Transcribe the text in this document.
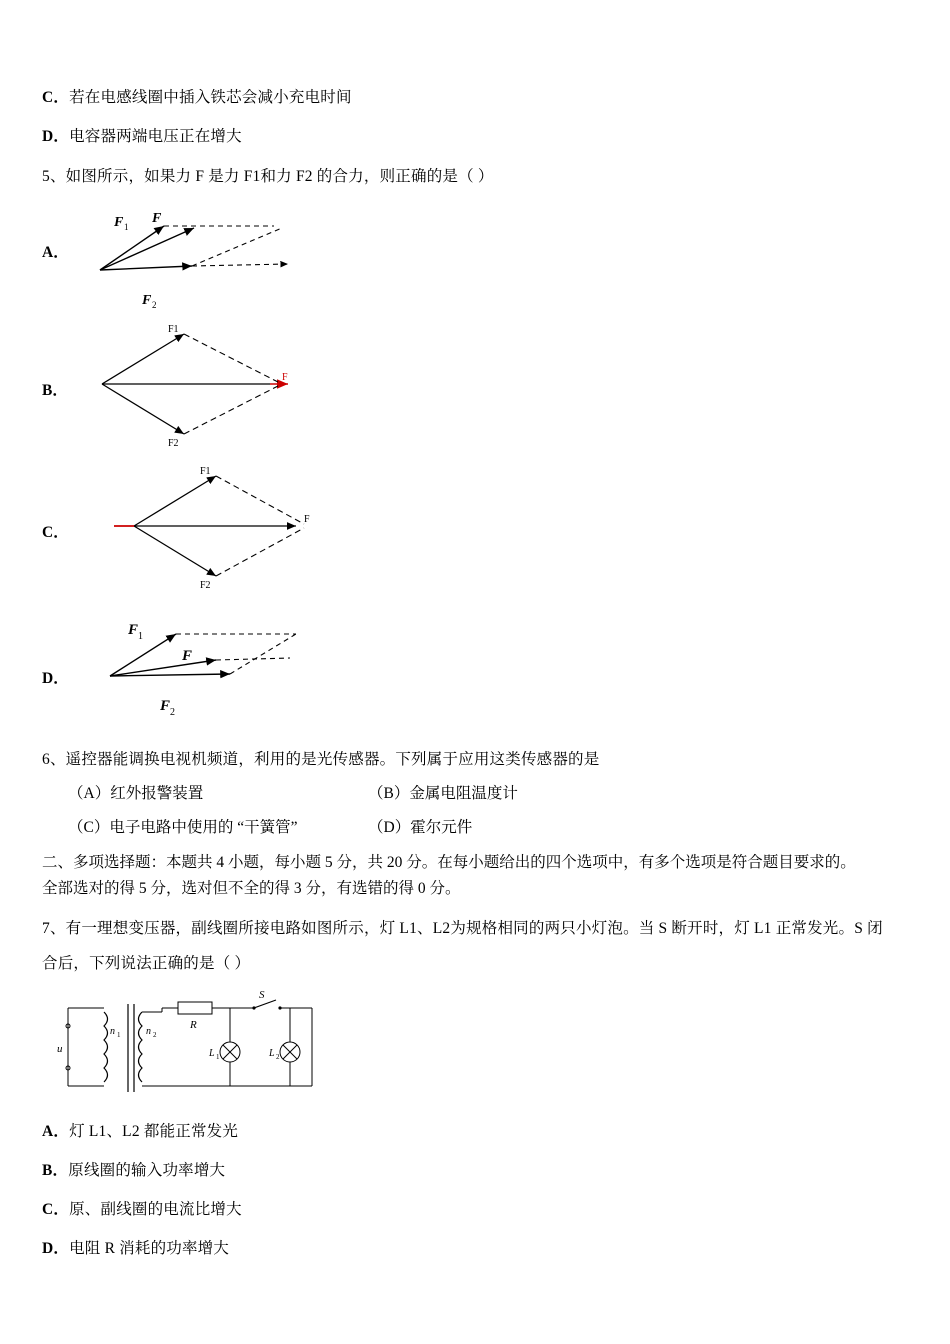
C．若在电感线圈中插入铁芯会减小充电时间
D．电容器两端电压正在增大
5、如图所示，如果力 F 是力 F1和力 F2 的合力，则正确的是（ ）
A．
F 1
F
F 2
B．
F1
F2
F
C．
F1
F2
F
D．
F 1
F
F 2
6、遥控器能调换电视机频道，利用的是光传感器。下列属于应用这类传感器的是
（A）红外报警装置	（B）金属电阻温度计
（C）电子电路中使用的 “干簧管”	（D）霍尔元件
二、多项选择题：本题共 4 小题，每小题 5 分，共 20 分。在每小题给出的四个选项中，有多个选项是符合题目要求的。
全部选对的得 5 分，选对但不全的得 3 分，有选错的得 0 分。
7、有一理想变压器，副线圈所接电路如图所示，灯 L1、L2为规格相同的两只小灯泡。当 S 断开时，灯 L1 正常发光。S 闭
合后，下列说法正确的是（ ）
u
n 1	n 2
R
S
L 1	L 2
A．灯 L1、L2 都能正常发光
B．原线圈的输入功率增大
C．原、副线圈的电流比增大
D．电阻 R 消耗的功率增大
